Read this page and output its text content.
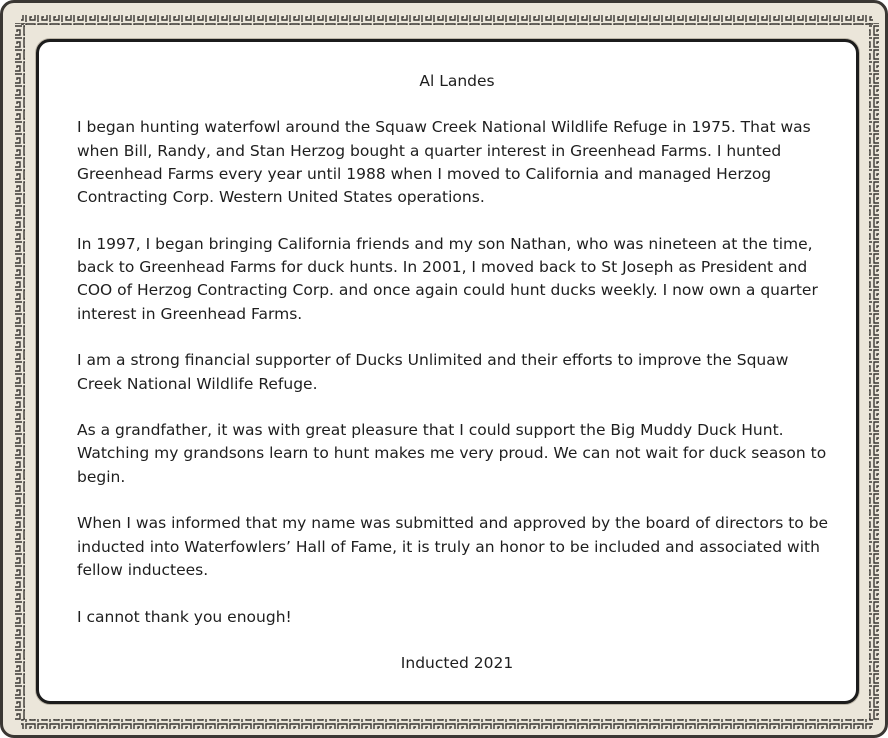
Al Landes

I began hunting waterfowl around the Squaw Creek National Wildlife Refuge in 1975. That was when Bill, Randy, and Stan Herzog bought a quarter interest in Greenhead Farms. I hunted Greenhead Farms every year until 1988 when I moved to California and managed Herzog Contracting Corp. Western United States operations.

In 1997, I began bringing California friends and my son Nathan, who was nineteen at the time, back to Greenhead Farms for duck hunts. In 2001, I moved back to St Joseph as President and COO of Herzog Contracting Corp. and once again could hunt ducks weekly. I now own a quarter interest in Greenhead Farms.

I am a strong financial supporter of Ducks Unlimited and their efforts to improve the Squaw Creek National Wildlife Refuge.

As a grandfather, it was with great pleasure that I could support the Big Muddy Duck Hunt. Watching my grandsons learn to hunt makes me very proud. We can not wait for duck season to begin.

When I was informed that my name was submitted and approved by the board of directors to be inducted into Waterfowlers’ Hall of Fame, it is truly an honor to be included and associated with fellow inductees.

I cannot thank you enough!

Inducted 2021
